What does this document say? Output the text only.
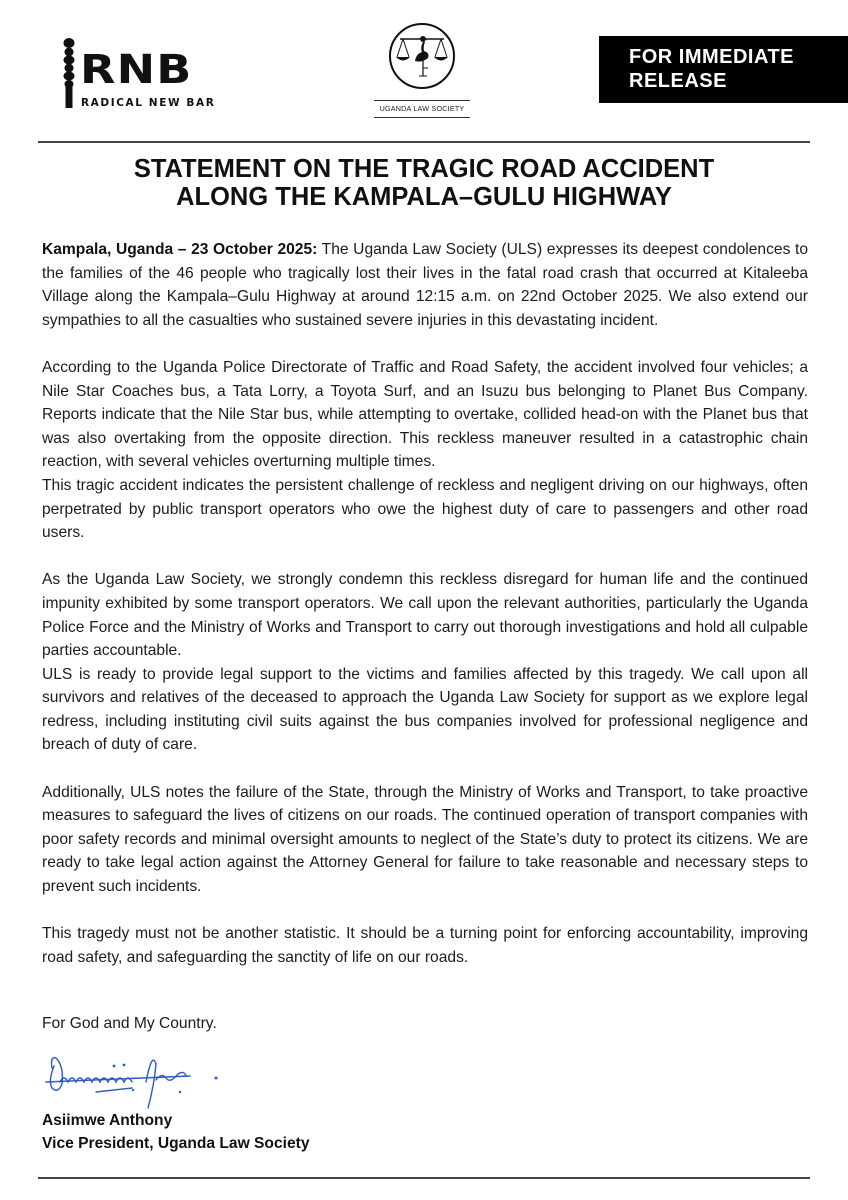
RNB
RADICAL NEW BAR	UGANDA LAW SOCIETY
FOR IMMEDIATE
RELEASE
STATEMENT ON THE TRAGIC ROAD ACCIDENT
ALONG THE KAMPALA–GULU HIGHWAY

Kampala, Uganda – 23 October 2025: The Uganda Law Society (ULS) expresses its deepest condolences to the families of the 46 people who tragically lost their lives in the fatal road crash that occurred at Kitaleeba Village along the Kampala–Gulu Highway at around 12:15 a.m. on 22nd October 2025. We also extend our sympathies to all the casualties who sustained severe injuries in this devastating incident.

According to the Uganda Police Directorate of Traffic and Road Safety, the accident involved four vehicles; a Nile Star Coaches bus, a Tata Lorry, a Toyota Surf, and an Isuzu bus belonging to Planet Bus Company. Reports indicate that the Nile Star bus, while attempting to overtake, collided head-on with the Planet bus that was also overtaking from the opposite direction. This reckless maneuver resulted in a catastrophic chain reaction, with several vehicles overturning multiple times.

This tragic accident indicates the persistent challenge of reckless and negligent driving on our highways, often perpetrated by public transport operators who owe the highest duty of care to passengers and other road users.

As the Uganda Law Society, we strongly condemn this reckless disregard for human life and the continued impunity exhibited by some transport operators. We call upon the relevant authorities, particularly the Uganda Police Force and the Ministry of Works and Transport to carry out thorough investigations and hold all culpable parties accountable.

ULS is ready to provide legal support to the victims and families affected by this tragedy. We call upon all survivors and relatives of the deceased to approach the Uganda Law Society for support as we explore legal redress, including instituting civil suits against the bus companies involved for professional negligence and breach of duty of care.

Additionally, ULS notes the failure of the State, through the Ministry of Works and Transport, to take proactive measures to safeguard the lives of citizens on our roads. The continued operation of transport companies with poor safety records and minimal oversight amounts to neglect of the State’s duty to protect its citizens. We are ready to take legal action against the Attorney General for failure to take reasonable and necessary steps to prevent such incidents.

This tragedy must not be another statistic. It should be a turning point for enforcing accountability, improving road safety, and safeguarding the sanctity of life on our roads.

For God and My Country.
Asiimwe Anthony
Vice President, Uganda Law Society
